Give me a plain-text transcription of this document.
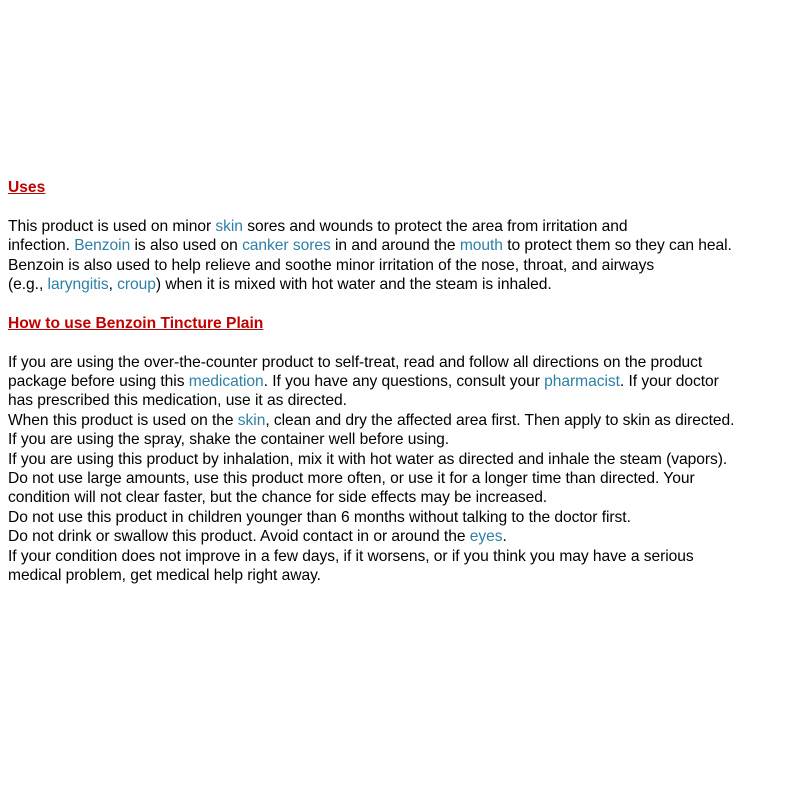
Uses
This product is used on minor skin sores and wounds to protect the area from irritation and
infection. Benzoin is also used on canker sores in and around the mouth to protect them so they can heal.
Benzoin is also used to help relieve and soothe minor irritation of the nose, throat, and airways
(e.g., laryngitis, croup) when it is mixed with hot water and the steam is inhaled.
How to use Benzoin Tincture Plain
If you are using the over-the-counter product to self-treat, read and follow all directions on the product
package before using this medication. If you have any questions, consult your pharmacist. If your doctor
has prescribed this medication, use it as directed.
When this product is used on the skin, clean and dry the affected area first. Then apply to skin as directed.
If you are using the spray, shake the container well before using.
If you are using this product by inhalation, mix it with hot water as directed and inhale the steam (vapors).
Do not use large amounts, use this product more often, or use it for a longer time than directed. Your
condition will not clear faster, but the chance for side effects may be increased.
Do not use this product in children younger than 6 months without talking to the doctor first.
Do not drink or swallow this product. Avoid contact in or around the eyes.
If your condition does not improve in a few days, if it worsens, or if you think you may have a serious
medical problem, get medical help right away.
